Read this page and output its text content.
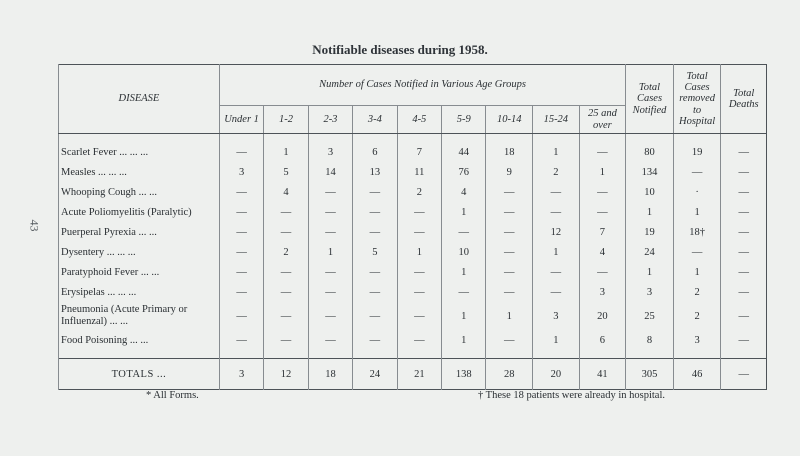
43
Notifiable diseases during 1958.
DISEASE	Number of Cases Notified in Various Age Groups									Total Cases Notified	Total Cases removed to Hospital	Total Deaths
	Under 1	1-2	2-3	3-4	4-5	5-9	10-14	15-24	25 and over			

Scarlet Fever ... ... ...	—	1	3	6	7	44	18	1	—	80	19	—
Measles ... ... ...	3	5	14	13	11	76	9	2	1	134	—	—
Whooping Cough ... ...	—	4	—	—	2	4	—	—	—	10	·	—
Acute Poliomyelitis (Paralytic)	—	—	—	—	—	1	—	—	—	1	1	—
Puerperal Pyrexia ... ...	—	—	—	—	—	—	—	12	7	19	18†	—
Dysentery ... ... ...	—	2	1	5	1	10	—	1	4	24	—	—
Paratyphoid Fever ... ...	—	—	—	—	—	1	—	—	—	1	1	—
Erysipelas ... ... ...	—	—	—	—	—	—	—	—	3	3	2	—
Pneumonia (Acute Primary or Influenzal) ... ...	—	—	—	—	—	1	1	3	20	25	2	—
Food Poisoning ... ...	—	—	—	—	—	1	—	1	6	8	3	—

TOTALS ...	3	12	18	24	21	138	28	20	41	305	46	—
* All Forms.	† These 18 patients were already in hospital.
